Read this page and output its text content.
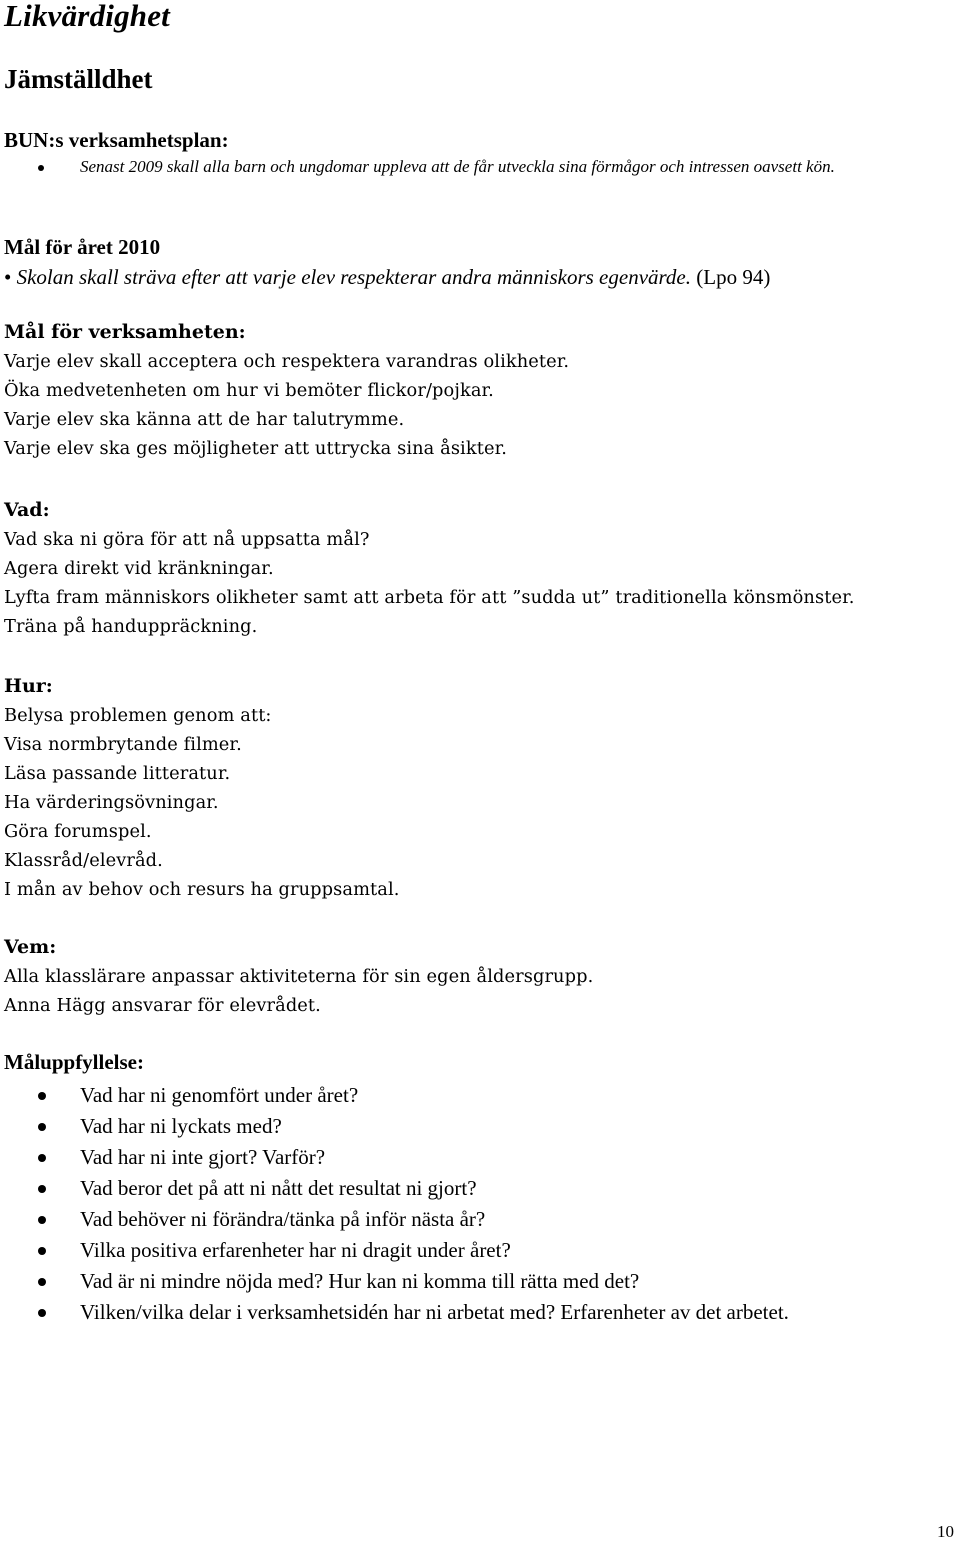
Likvärdighet
Jämställdhet
BUN:s verksamhetsplan:
Senast 2009 skall alla barn och ungdomar uppleva att de får utveckla sina förmågor och intressen oavsett kön.
Mål för året 2010
• Skolan skall sträva efter att varje elev respekterar andra människors egenvärde. (Lpo 94)
Mål för verksamheten:
Varje elev skall acceptera och respektera varandras olikheter.
Öka medvetenheten om hur vi bemöter flickor/pojkar.
Varje elev ska känna att de har talutrymme.
Varje elev ska ges möjligheter att uttrycka sina åsikter.
Vad:
Vad ska ni göra för att nå uppsatta mål?
Agera direkt vid kränkningar.
Lyfta fram människors olikheter samt att arbeta för att ”sudda ut” traditionella könsmönster.
Träna på handuppräckning.
Hur:
Belysa problemen genom att:
Visa normbrytande filmer.
Läsa passande litteratur.
Ha värderingsövningar.
Göra forumspel.
Klassråd/elevråd.
I mån av behov och resurs ha gruppsamtal.
Vem:
Alla klasslärare anpassar aktiviteterna för sin egen åldersgrupp.
Anna Hägg ansvarar för elevrådet.
Måluppfyllelse:
Vad har ni genomfört under året?
Vad har ni lyckats med?
Vad har ni inte gjort? Varför?
Vad beror det på att ni nått det resultat ni gjort?
Vad behöver ni förändra/tänka på inför nästa år?
Vilka positiva erfarenheter har ni dragit under året?
Vad är ni mindre nöjda med? Hur kan ni komma till rätta med det?
Vilken/vilka delar i verksamhetsidén har ni arbetat med? Erfarenheter av det arbetet.
10
